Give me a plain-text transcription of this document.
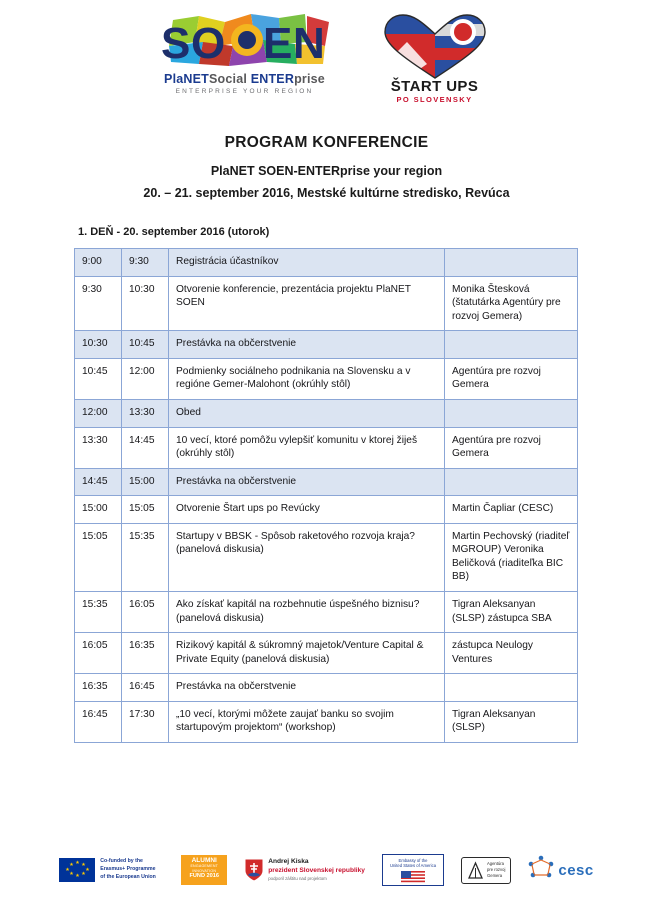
S O E N
PlaNETSocial ENTERprise
ENTERPRISE YOUR REGION	ŠTART UPS
PO SLOVENSKY
PROGRAM KONFERENCIE
PlaNET SOEN-ENTERprise your region
20. – 21. september 2016, Mestské kultúrne stredisko, Revúca
1. DEŇ - 20. september 2016 (utorok)
9:00	9:30	Registrácia účastníkov	
9:30	10:30	Otvorenie konferencie, prezentácia projektu PlaNET SOEN	Monika Štesková (štatutárka Agentúry pre rozvoj Gemera)
10:30	10:45	Prestávka na občerstvenie	
10:45	12:00	Podmienky sociálneho podnikania na Slovensku a v regióne Gemer-Malohont (okrúhly stôl)	Agentúra pre rozvoj Gemera
12:00	13:30	Obed	
13:30	14:45	10 vecí, ktoré pomôžu vylepšiť komunitu v ktorej žiješ (okrúhly stôl)	Agentúra pre rozvoj Gemera
14:45	15:00	Prestávka na občerstvenie	
15:00	15:05	Otvorenie Štart ups po Revúcky	Martin Čapliar (CESC)
15:05	15:35	Startupy v BBSK - Spôsob raketového rozvoja kraja? (panelová diskusia)	Martin Pechovský (riaditeľ MGROUP) Veronika Beličková (riaditeľka BIC BB)
15:35	16:05	Ako získať kapitál na rozbehnutie úspešného biznisu? (panelová diskusia)	Tigran Aleksanyan (SLSP) zástupca SBA
16:05	16:35	Rizikový kapitál & súkromný majetok/Venture Capital & Private Equity (panelová diskusia)	zástupca Neulogy Ventures
16:35	16:45	Prestávka na občerstvenie	
16:45	17:30	„10 vecí, ktorými môžete zaujať banku so svojim startupovým projektom“ (workshop)	Tigran Aleksanyan (SLSP)
★ ★
★
★
★
★
★
★
Co-funded by the
Erasmus+ Programme
of the European Union
ALUMNI
ENGAGEMENT INNOVATION
FUND 2016
Andrej Kiska
prezident Slovenskej republiky
podporil záštitu nad projektom
Embassy of the
United States of America	Agentúra
pre rozvoj
Gemera	cesc
